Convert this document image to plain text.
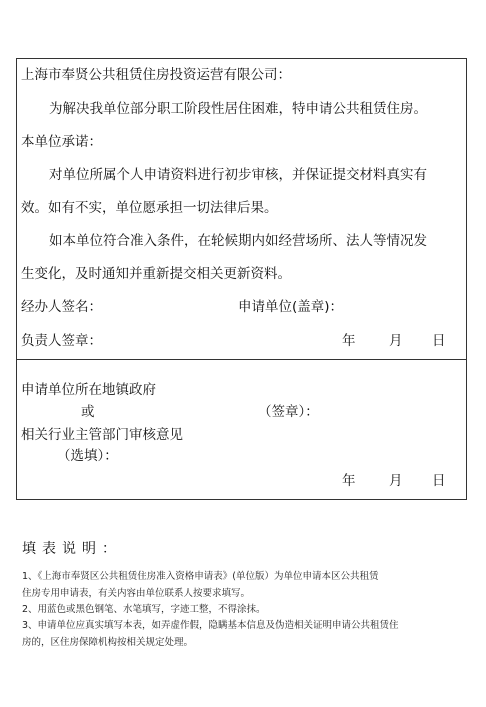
上海市奉贤公共租赁住房投资运营有限公司：
为解决我单位部分职工阶段性居住困难，特申请公共租赁住房。
本单位承诺：
对单位所属个人申请资料进行初步审核，并保证提交材料真实有
效。如有不实，单位愿承担一切法律后果。
如本单位符合准入条件，在轮候期内如经营场所、法人等情况发
生变化，及时通知并重新提交相关更新资料。
经办人签名：	申请单位(盖章)：
负责人签章：	年 月 日
申请单位所在地镇政府
或	（签章）：
相关行业主管部门审核意见
（选填）：
年 月 日
填表说明：
1、《上海市奉贤区公共租赁住房准入资格申请表》(单位版）为单位申请本区公共租赁
住房专用申请表，有关内容由单位联系人按要求填写。
2、用蓝色或黑色钢笔、水笔填写，字迹工整，不得涂抹。
3、申请单位应真实填写本表，如弄虚作假，隐瞒基本信息及伪造相关证明申请公共租赁住
房的，区住房保障机构按相关规定处理。
